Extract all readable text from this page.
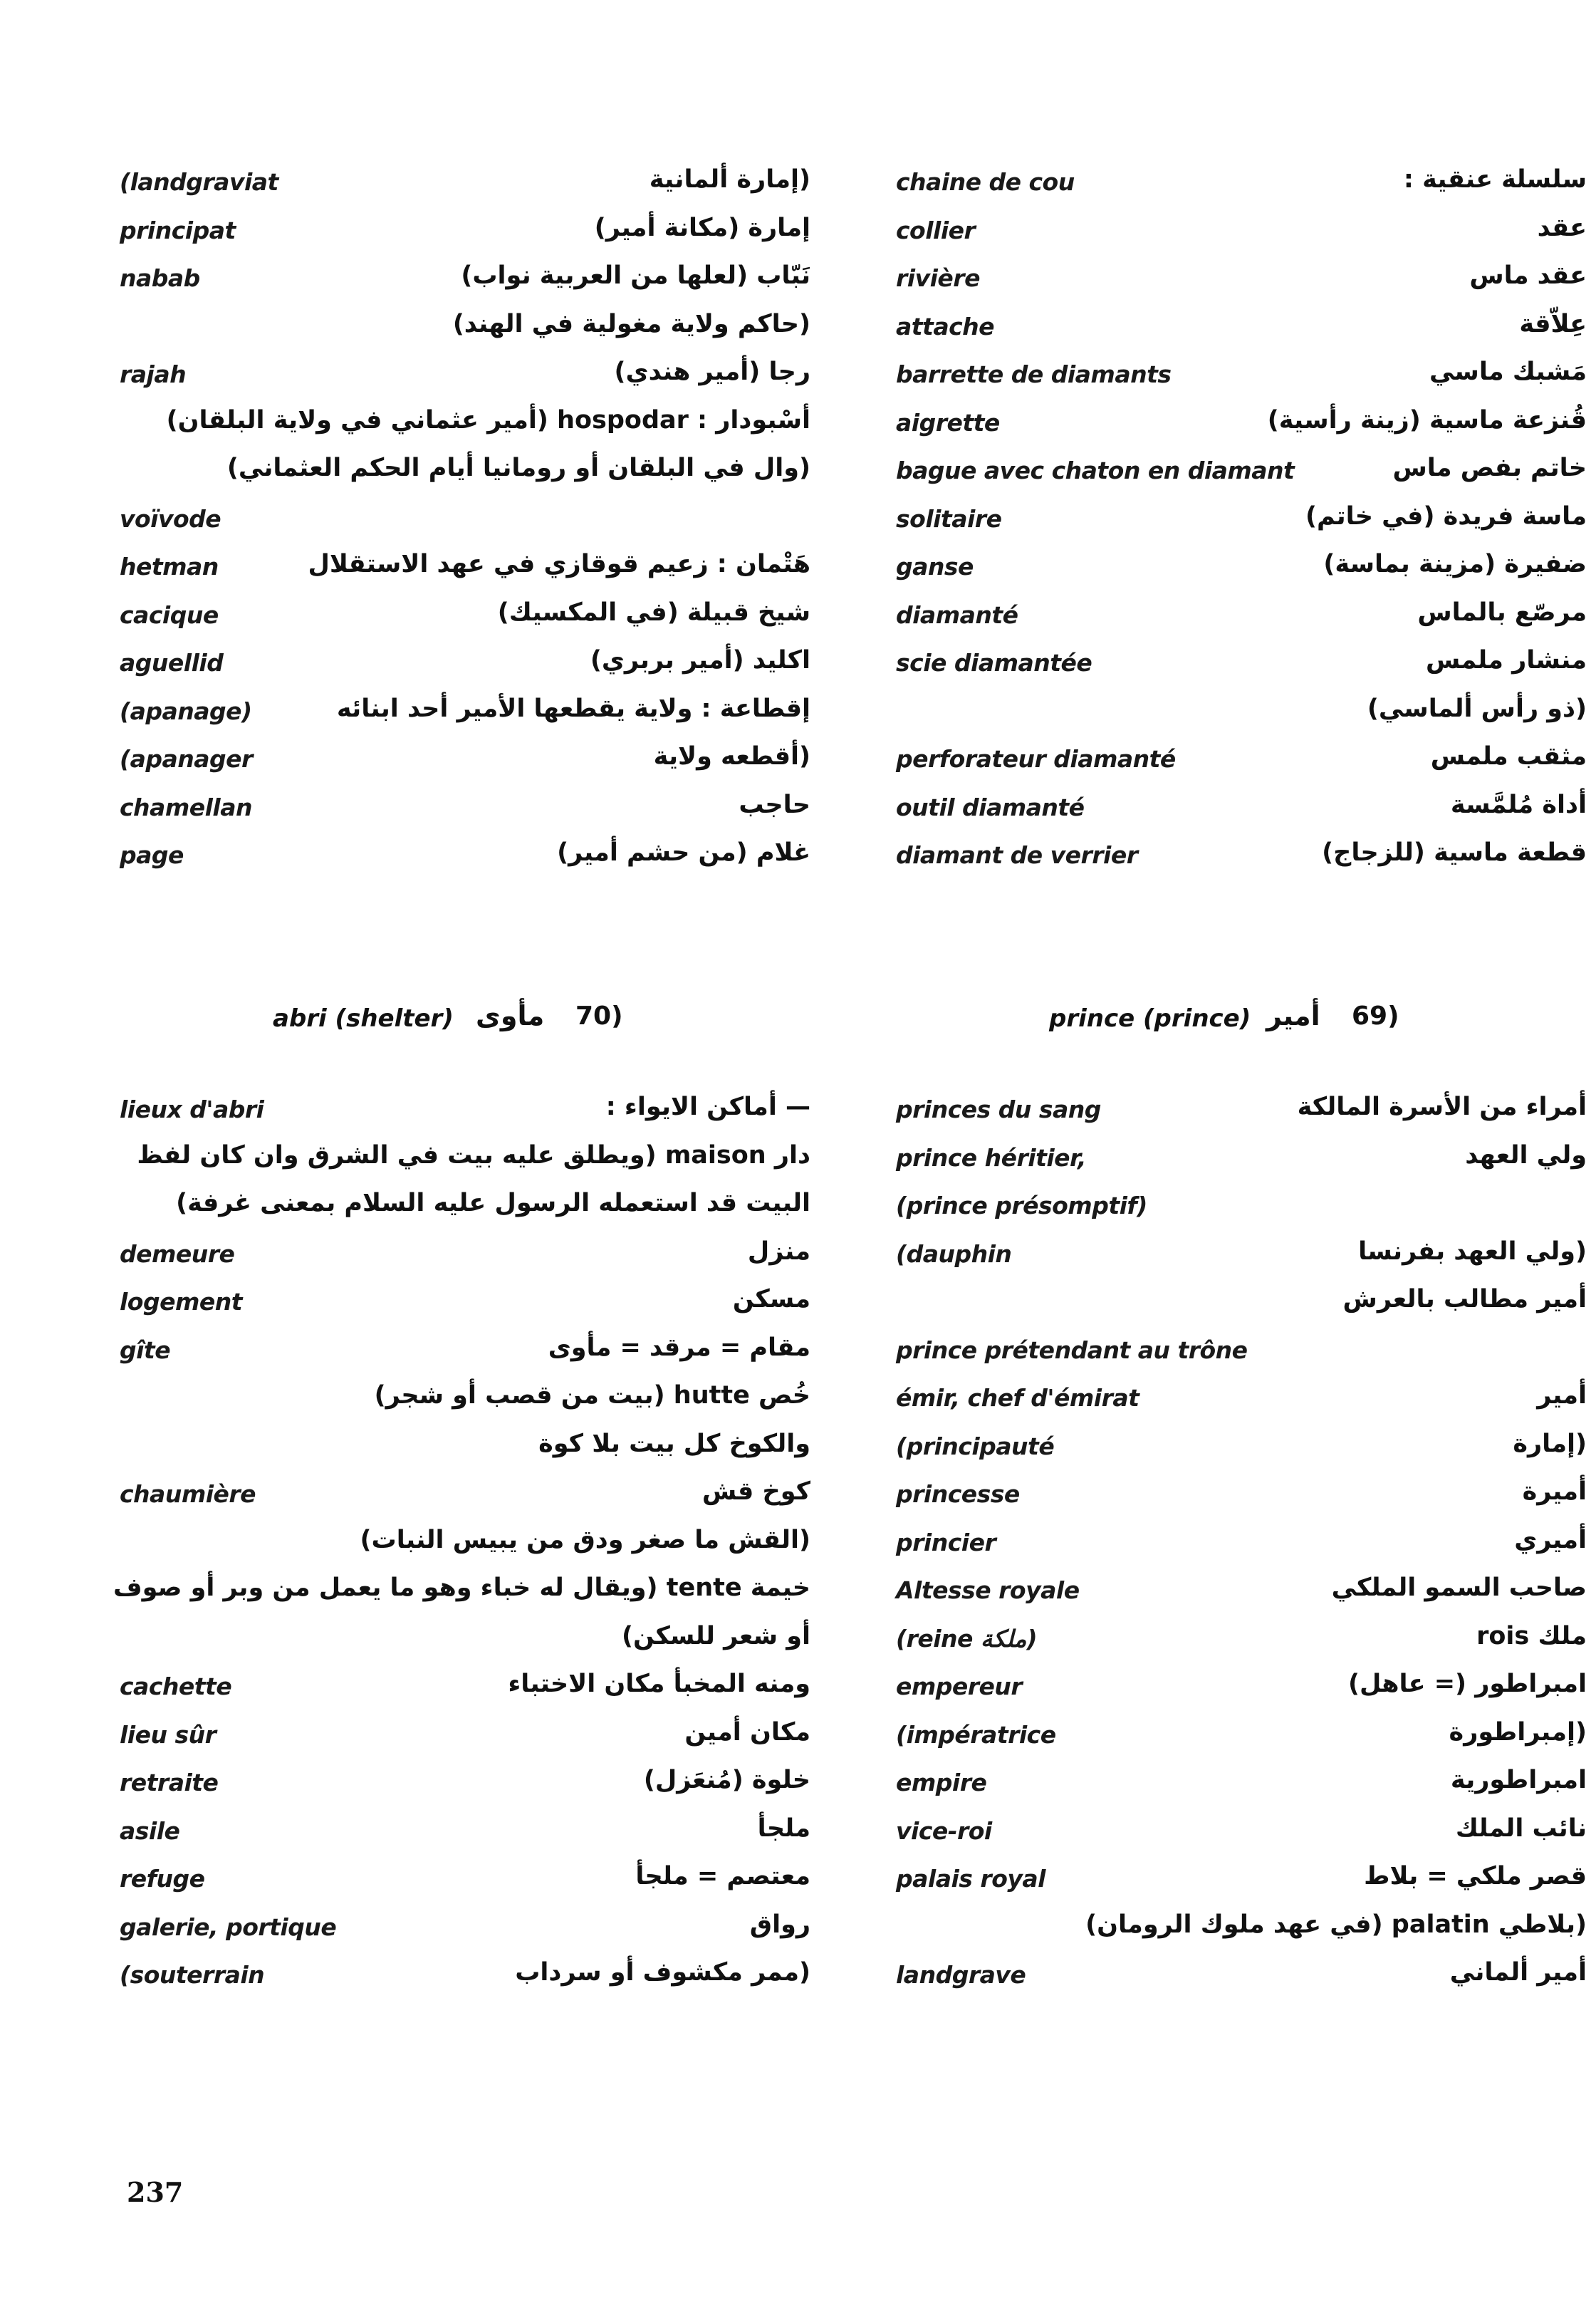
chaine de cou	سلسلة عنقية :
collier	عقد
rivière	عقد ماس
attache	عِلاّقة
barrette de diamants	مَشبك ماسي
aigrette	قُنزعة ماسية (زينة رأسية)
bague avec chaton en diamant	خاتم بفص ماس
solitaire	ماسة فريدة (في خاتم)
ganse	ضفيرة (مزينة بماسة)
diamanté	مرصّع بالماس
scie diamantée	منشار ملمس
(ذو رأس ألماسي)
perforateur diamanté	مثقب ملمس
outil diamanté	أداة مُلمَّسة
diamant de verrier	قطعة ماسية (للزجاج)
(landgraviat	(إمارة ألمانية
principat	إمارة (مكانة أمير)
nabab	نَبّاب (لعلها من العربية نواب)
(حاكم ولاية مغولية في الهند)
rajah	رجا (أمير هندي)
أسْبودار : hospodar (أمير عثماني في ولاية البلقان)
(وال في البلقان أو رومانيا أيام الحكم العثماني)
voïvode
hetman	هَتْمان : زعيم قوقازي في عهد الاستقلال
cacique	شيخ قبيلة (في المكسيك)
aguellid	اكليد (أمير بربري)
(apanage)	إقطاعة : ولاية يقطعها الأمير أحد ابنائه
(apanager	(أقطعه ولاية
chamellan	حاجب
page	غلام (من حشم أمير)
prince (prince) أمير 69)
abri (shelter) مأوى 70)
princes du sang	أمراء من الأسرة المالكة
prince héritier,	ولي العهد
(prince présomptif)
(dauphin	(ولي العهد بفرنسا
أمير مطالب بالعرش
prince prétendant au trône
émir, chef d'émirat	أمير
(principauté	(إمارة
princesse	أميرة
princier	أميري
Altesse royale	صاحب السمو الملكي
(reine ملكة)	ملك rois
empereur	امبراطور (= عاهل)
(impératrice	(إمبراطورة
empire	امبراطورية
vice-roi	نائب الملك
palais royal	قصر ملكي = بلاط
(بلاطي palatin (في عهد ملوك الرومان)
landgrave	أمير ألماني
lieux d'abri	— أماكن الايواء :
دار maison (ويطلق عليه بيت في الشرق وان كان لفظ
البيت قد استعمله الرسول عليه السلام بمعنى غرفة)
demeure	منزل
logement	مسكن
gîte	مقام = مرقد = مأوى
خُص hutte (بيت من قصب أو شجر)
والكوخ كل بيت بلا كوة
chaumière	كوخ قش
(القش ما صغر ودق من يبيس النبات)
خيمة tente (ويقال له خباء وهو ما يعمل من وبر أو صوف
أو شعر للسكن)
cachette	ومنه المخبأ مكان الاختباء
lieu sûr	مكان أمين
retraite	خلوة (مُنعَزل)
asile	ملجأ
refuge	معتصم = ملجأ
galerie, portique	رواق
(souterrain	(ممر مكشوف أو سرداب
237
